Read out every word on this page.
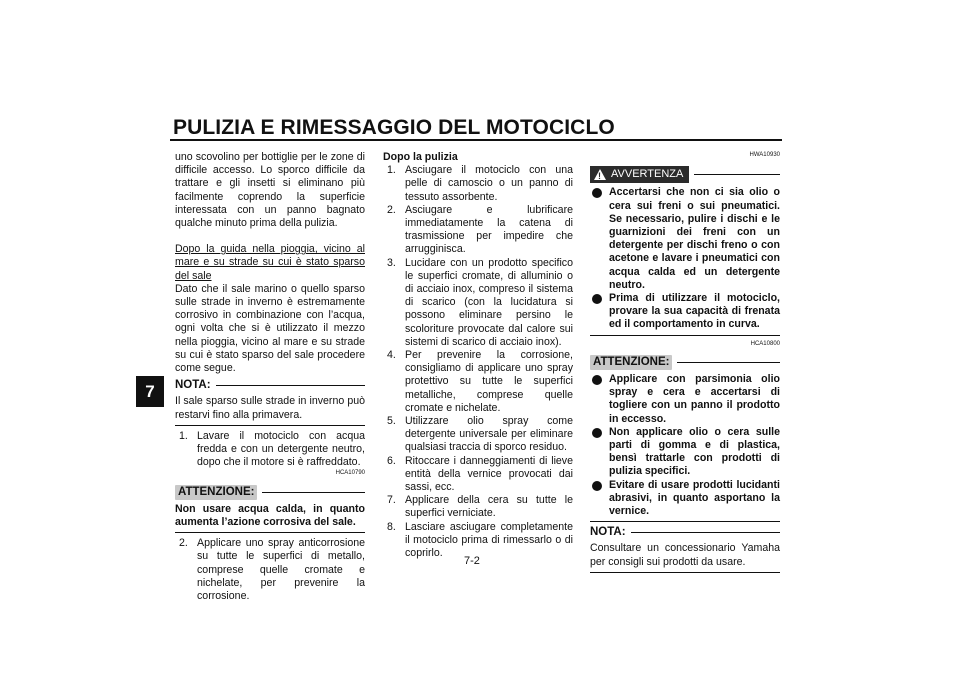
PULIZIA E RIMESSAGGIO DEL MOTOCICLO
7

uno scovolino per bottiglie per le zone di difficile accesso. Lo sporco difficile da trattare e gli insetti si eliminano più facilmente coprendo la superficie interessata con un panno bagnato qualche minuto prima della pulizia.

Dopo la guida nella pioggia, vicino al mare e su strade su cui è stato sparso del sale

Dato che il sale marino o quello sparso sulle strade in inverno è estremamente corrosivo in combinazione con l’acqua, ogni volta che si è utilizzato il mezzo nella pioggia, vicino al mare e su strade su cui è stato sparso del sale procedere come segue.

NOTA:

Il sale sparso sulle strade in inverno può restarvi fino alla primavera.

1. Lavare il motociclo con acqua fredda e con un detergente neutro, dopo che il motore si è raffreddato.
HCA10790
ATTENZIONE:

Non usare acqua calda, in quanto aumenta l’azione corrosiva del sale.

2. Applicare uno spray anticorrosione su tutte le superfici di metallo, comprese quelle cromate e nichelate, per prevenire la corrosione.
Dopo la pulizia
1. Asciugare il motociclo con una pelle di camoscio o un panno di tessuto assorbente.
2. Asciugare e lubrificare immediatamente la catena di trasmissione per impedire che arrugginisca.
3. Lucidare con un prodotto specifico le superfici cromate, di alluminio o di acciaio inox, compreso il sistema di scarico (con la lucidatura si possono eliminare persino le scoloriture provocate dal calore sui sistemi di scarico di acciaio inox).
4. Per prevenire la corrosione, consigliamo di applicare uno spray protettivo su tutte le superfici metalliche, comprese quelle cromate e nichelate.
5. Utilizzare olio spray come detergente universale per eliminare qualsiasi traccia di sporco residuo.
6. Ritoccare i danneggiamenti di lieve entità della vernice provocati dai sassi, ecc.
7. Applicare della cera su tutte le superfici verniciate.
8. Lasciare asciugare completamente il motociclo prima di rimessarlo o di coprirlo.
HWA10930
!
AVVERTENZA
Accertarsi che non ci sia olio o cera sui freni o sui pneumatici. Se necessario, pulire i dischi e le guarnizioni dei freni con un detergente per dischi freno o con acetone e lavare i pneumatici con acqua calda ed un detergente neutro.
Prima di utilizzare il motociclo, provare la sua capacità di frenata ed il comportamento in curva.
HCA10800
ATTENZIONE:
Applicare con parsimonia olio spray e cera e accertarsi di togliere con un panno il prodotto in eccesso.
Non applicare olio o cera sulle parti di gomma e di plastica, bensì trattarle con prodotti di pulizia specifici.
Evitare di usare prodotti lucidanti abrasivi, in quanto asportano la vernice.
NOTA:

Consultare un concessionario Yamaha per consigli sui prodotti da usare.

7-2
